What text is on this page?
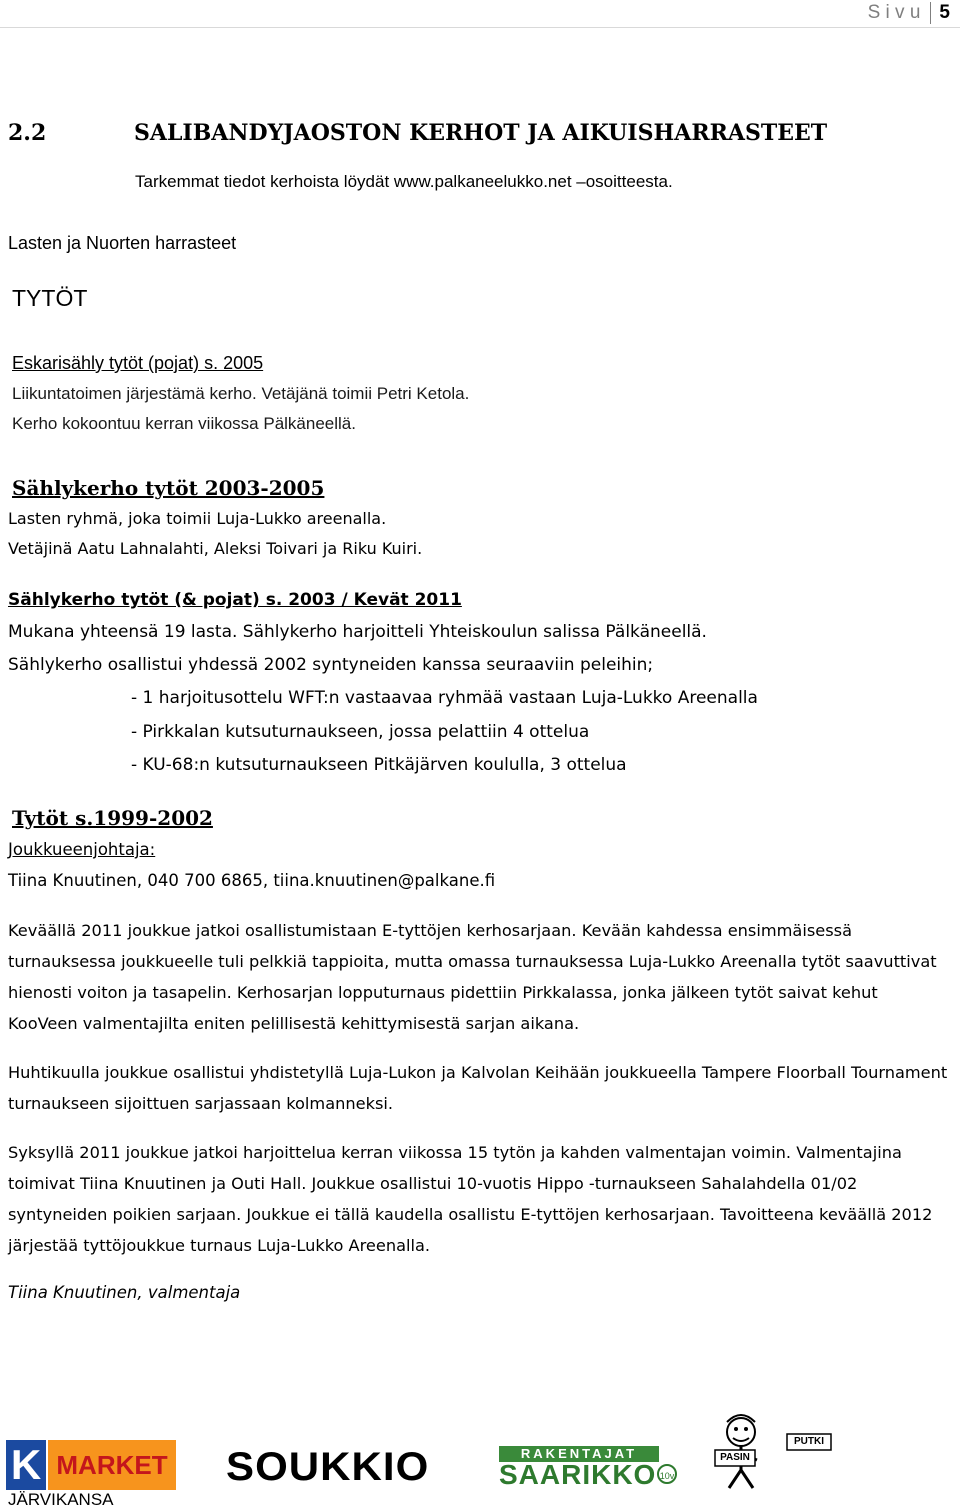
S i v u 5
2.2	SALIBANDYJAOSTON KERHOT JA AIKUISHARRASTEET
Tarkemmat tiedot kerhoista löydät www.palkaneelukko.net –osoitteesta.
Lasten ja Nuorten harrasteet
TYTÖT
Eskarisähly tytöt (pojat) s. 2005
Liikuntatoimen järjestämä kerho. Vetäjänä toimii Petri Ketola.
Kerho kokoontuu kerran viikossa Pälkäneellä.
Sählykerho tytöt 2003-2005
Lasten ryhmä, joka toimii Luja-Lukko areenalla.
Vetäjinä Aatu Lahnalahti, Aleksi Toivari ja Riku Kuiri.
Sählykerho tytöt (& pojat) s. 2003 / Kevät 2011
Mukana yhteensä 19 lasta. Sählykerho harjoitteli Yhteiskoulun salissa Pälkäneellä.
Sählykerho osallistui yhdessä 2002 syntyneiden kanssa seuraaviin peleihin;
- 1 harjoitusottelu WFT:n vastaavaa ryhmää vastaan Luja-Lukko Areenalla
- Pirkkalan kutsuturnaukseen, jossa pelattiin 4 ottelua
- KU-68:n kutsuturnaukseen Pitkäjärven koululla, 3 ottelua
Tytöt s.1999-2002
Joukkueenjohtaja:
Tiina Knuutinen, 040 700 6865, tiina.knuutinen@palkane.fi
Keväällä 2011 joukkue jatkoi osallistumistaan E-tyttöjen kerhosarjaan. Kevään kahdessa ensimmäisessä turnauksessa joukkueelle tuli pelkkiä tappioita, mutta omassa turnauksessa Luja-Lukko Areenalla tytöt saavuttivat hienosti voiton ja tasapelin. Kerhosarjan lopputurnaus pidettiin Pirkkalassa, jonka jälkeen tytöt saivat kehut KooVeen valmentajilta eniten pelillisestä kehittymisestä sarjan aikana.
Huhtikuulla joukkue osallistui yhdistetyllä Luja-Lukon ja Kalvolan Keihään joukkueella Tampere Floorball Tournament turnaukseen sijoittuen sarjassaan kolmanneksi.
Syksyllä 2011 joukkue jatkoi harjoittelua kerran viikossa 15 tytön ja kahden valmentajan voimin. Valmentajina toimivat Tiina Knuutinen ja Outi Hall. Joukkue osallistui 10-vuotis Hippo -turnaukseen Sahalahdella 01/02 syntyneiden poikien sarjaan. Joukkue ei tällä kaudella osallistu E-tyttöjen kerhosarjaan. Tavoitteena keväällä 2012 järjestää tyttöjoukkue turnaus Luja-Lukko Areenalla.
Tiina Knuutinen, valmentaja
K MARKET
JÄRVIKANSA
SOUKKIO	RAKENTAJAT
SAARIKKO 10v
PASIN
PUTKI
